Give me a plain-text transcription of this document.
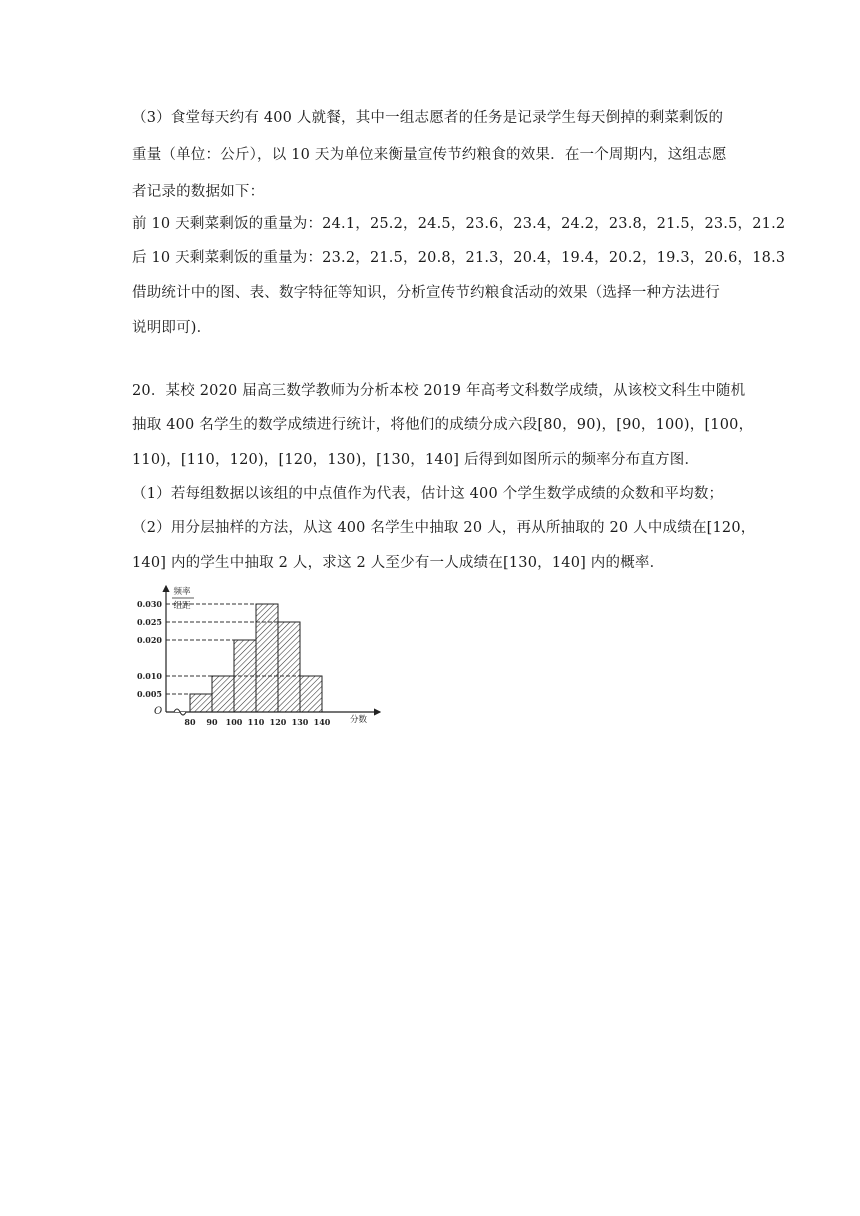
（3）食堂每天约有 400 人就餐，其中一组志愿者的任务是记录学生每天倒掉的剩菜剩饭的
重量（单位：公斤），以 10 天为单位来衡量宣传节约粮食的效果．在一个周期内，这组志愿
者记录的数据如下：
前 10 天剩菜剩饭的重量为：24.1，25.2，24.5，23.6，23.4，24.2，23.8，21.5，23.5，21.2
后 10 天剩菜剩饭的重量为：23.2，21.5，20.8，21.3，20.4，19.4，20.2，19.3，20.6，18.3
借助统计中的图、表、数字特征等知识，分析宣传节约粮食活动的效果（选择一种方法进行
说明即可)．
20．某校 2020 届高三数学教师为分析本校 2019 年高考文科数学成绩，从该校文科生中随机
抽取 400 名学生的数学成绩进行统计，将他们的成绩分成六段[80，90)，[90，100)，[100，
110)，[110，120)，[120，130)，[130，140] 后得到如图所示的频率分布直方图．
（1）若每组数据以该组的中点值作为代表，估计这 400 个学生数学成绩的众数和平均数；
（2）用分层抽样的方法，从这 400 名学生中抽取 20 人，再从所抽取的 20 人中成绩在[120，
140] 内的学生中抽取 2 人，求这 2 人至少有一人成绩在[130，140] 内的概率．
频率
组距
O
分数
0.030
0.025
0.020
0.010
0.005
80 90 100 110 120 130 140
